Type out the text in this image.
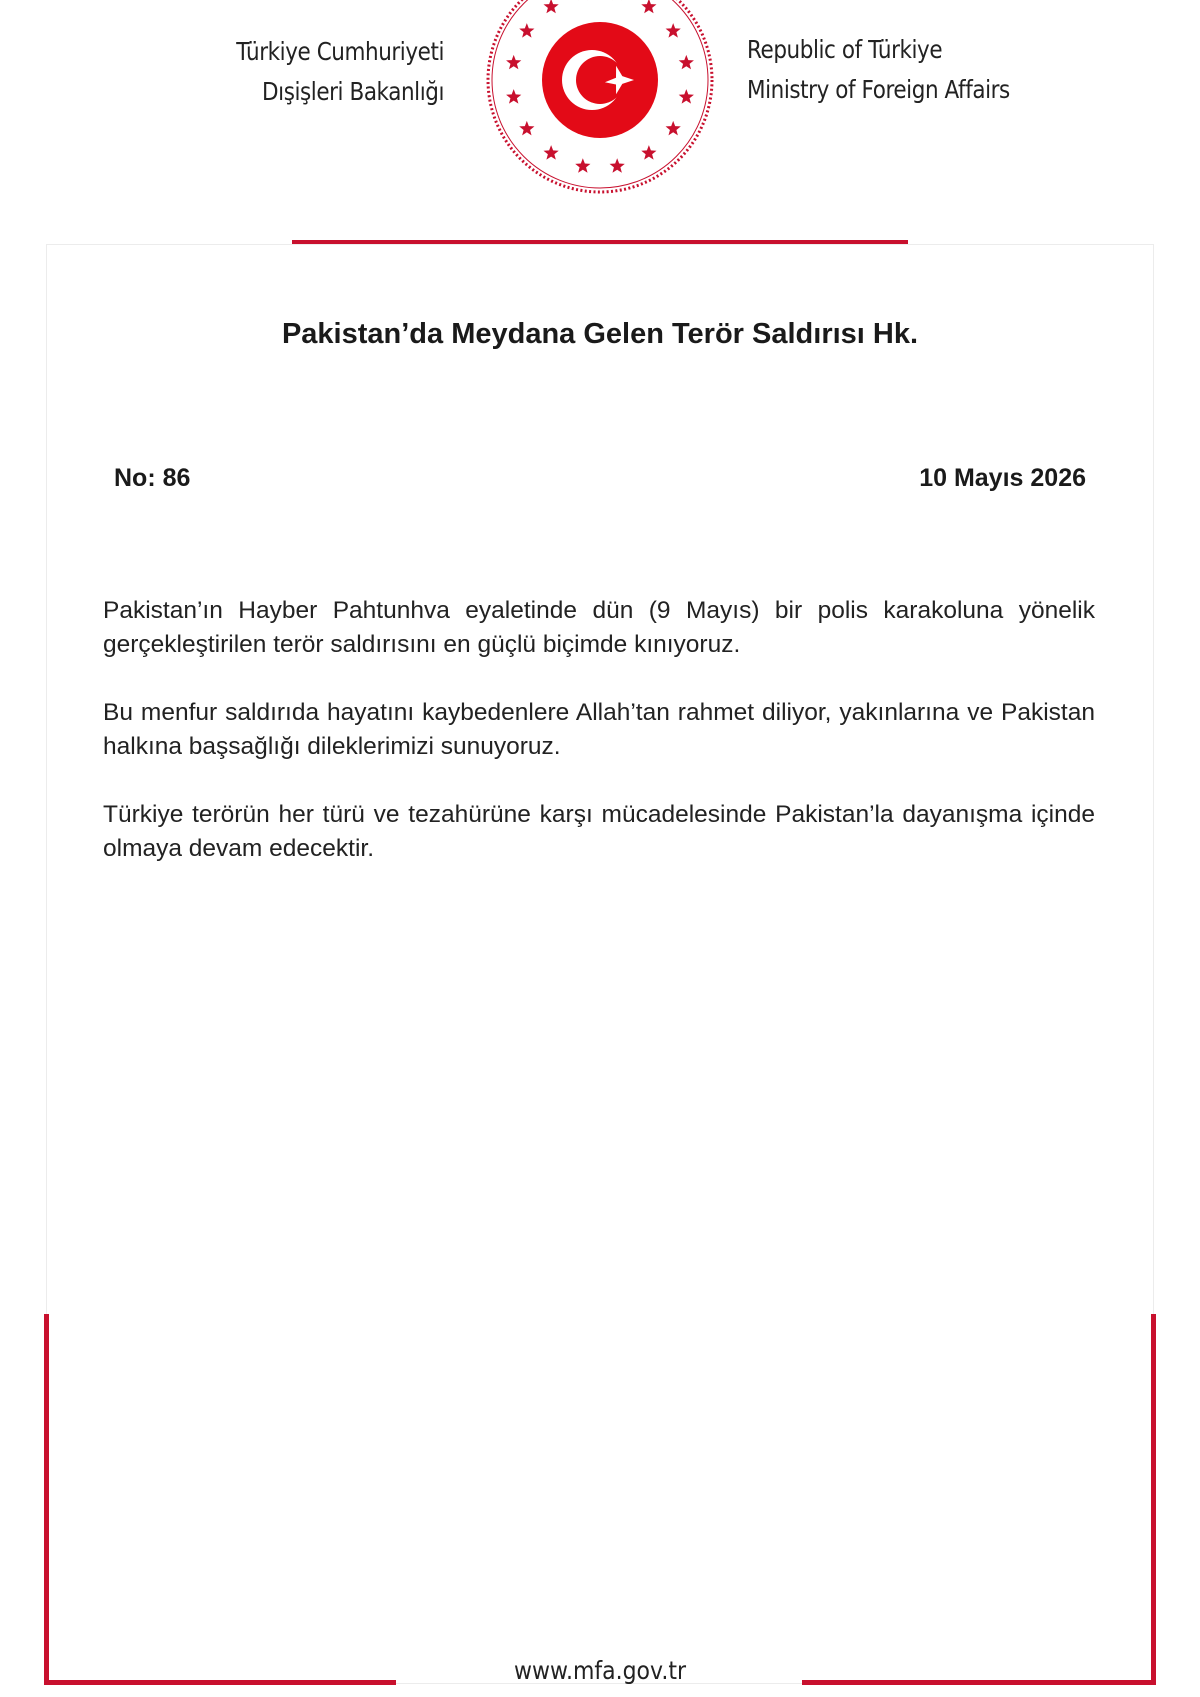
Türkiye Cumhuriyeti
Dışişleri Bakanlığı
Republic of Türkiye
Ministry of Foreign Affairs
Pakistan’da Meydana Gelen Terör Saldırısı Hk.
No: 86	10 Mayıs 2026

Pakistan’ın Hayber Pahtunhva eyaletinde dün (9 Mayıs) bir polis karakoluna yönelik gerçekleştirilen terör saldırısını en güçlü biçimde kınıyoruz.

Bu menfur saldırıda hayatını kaybedenlere Allah’tan rahmet diliyor, yakınlarına ve Pakistan halkına başsağlığı dileklerimizi sunuyoruz.

Türkiye terörün her türü ve tezahürüne karşı mücadelesinde Pakistan’la dayanışma içinde olmaya devam edecektir.

www.mfa.gov.tr
